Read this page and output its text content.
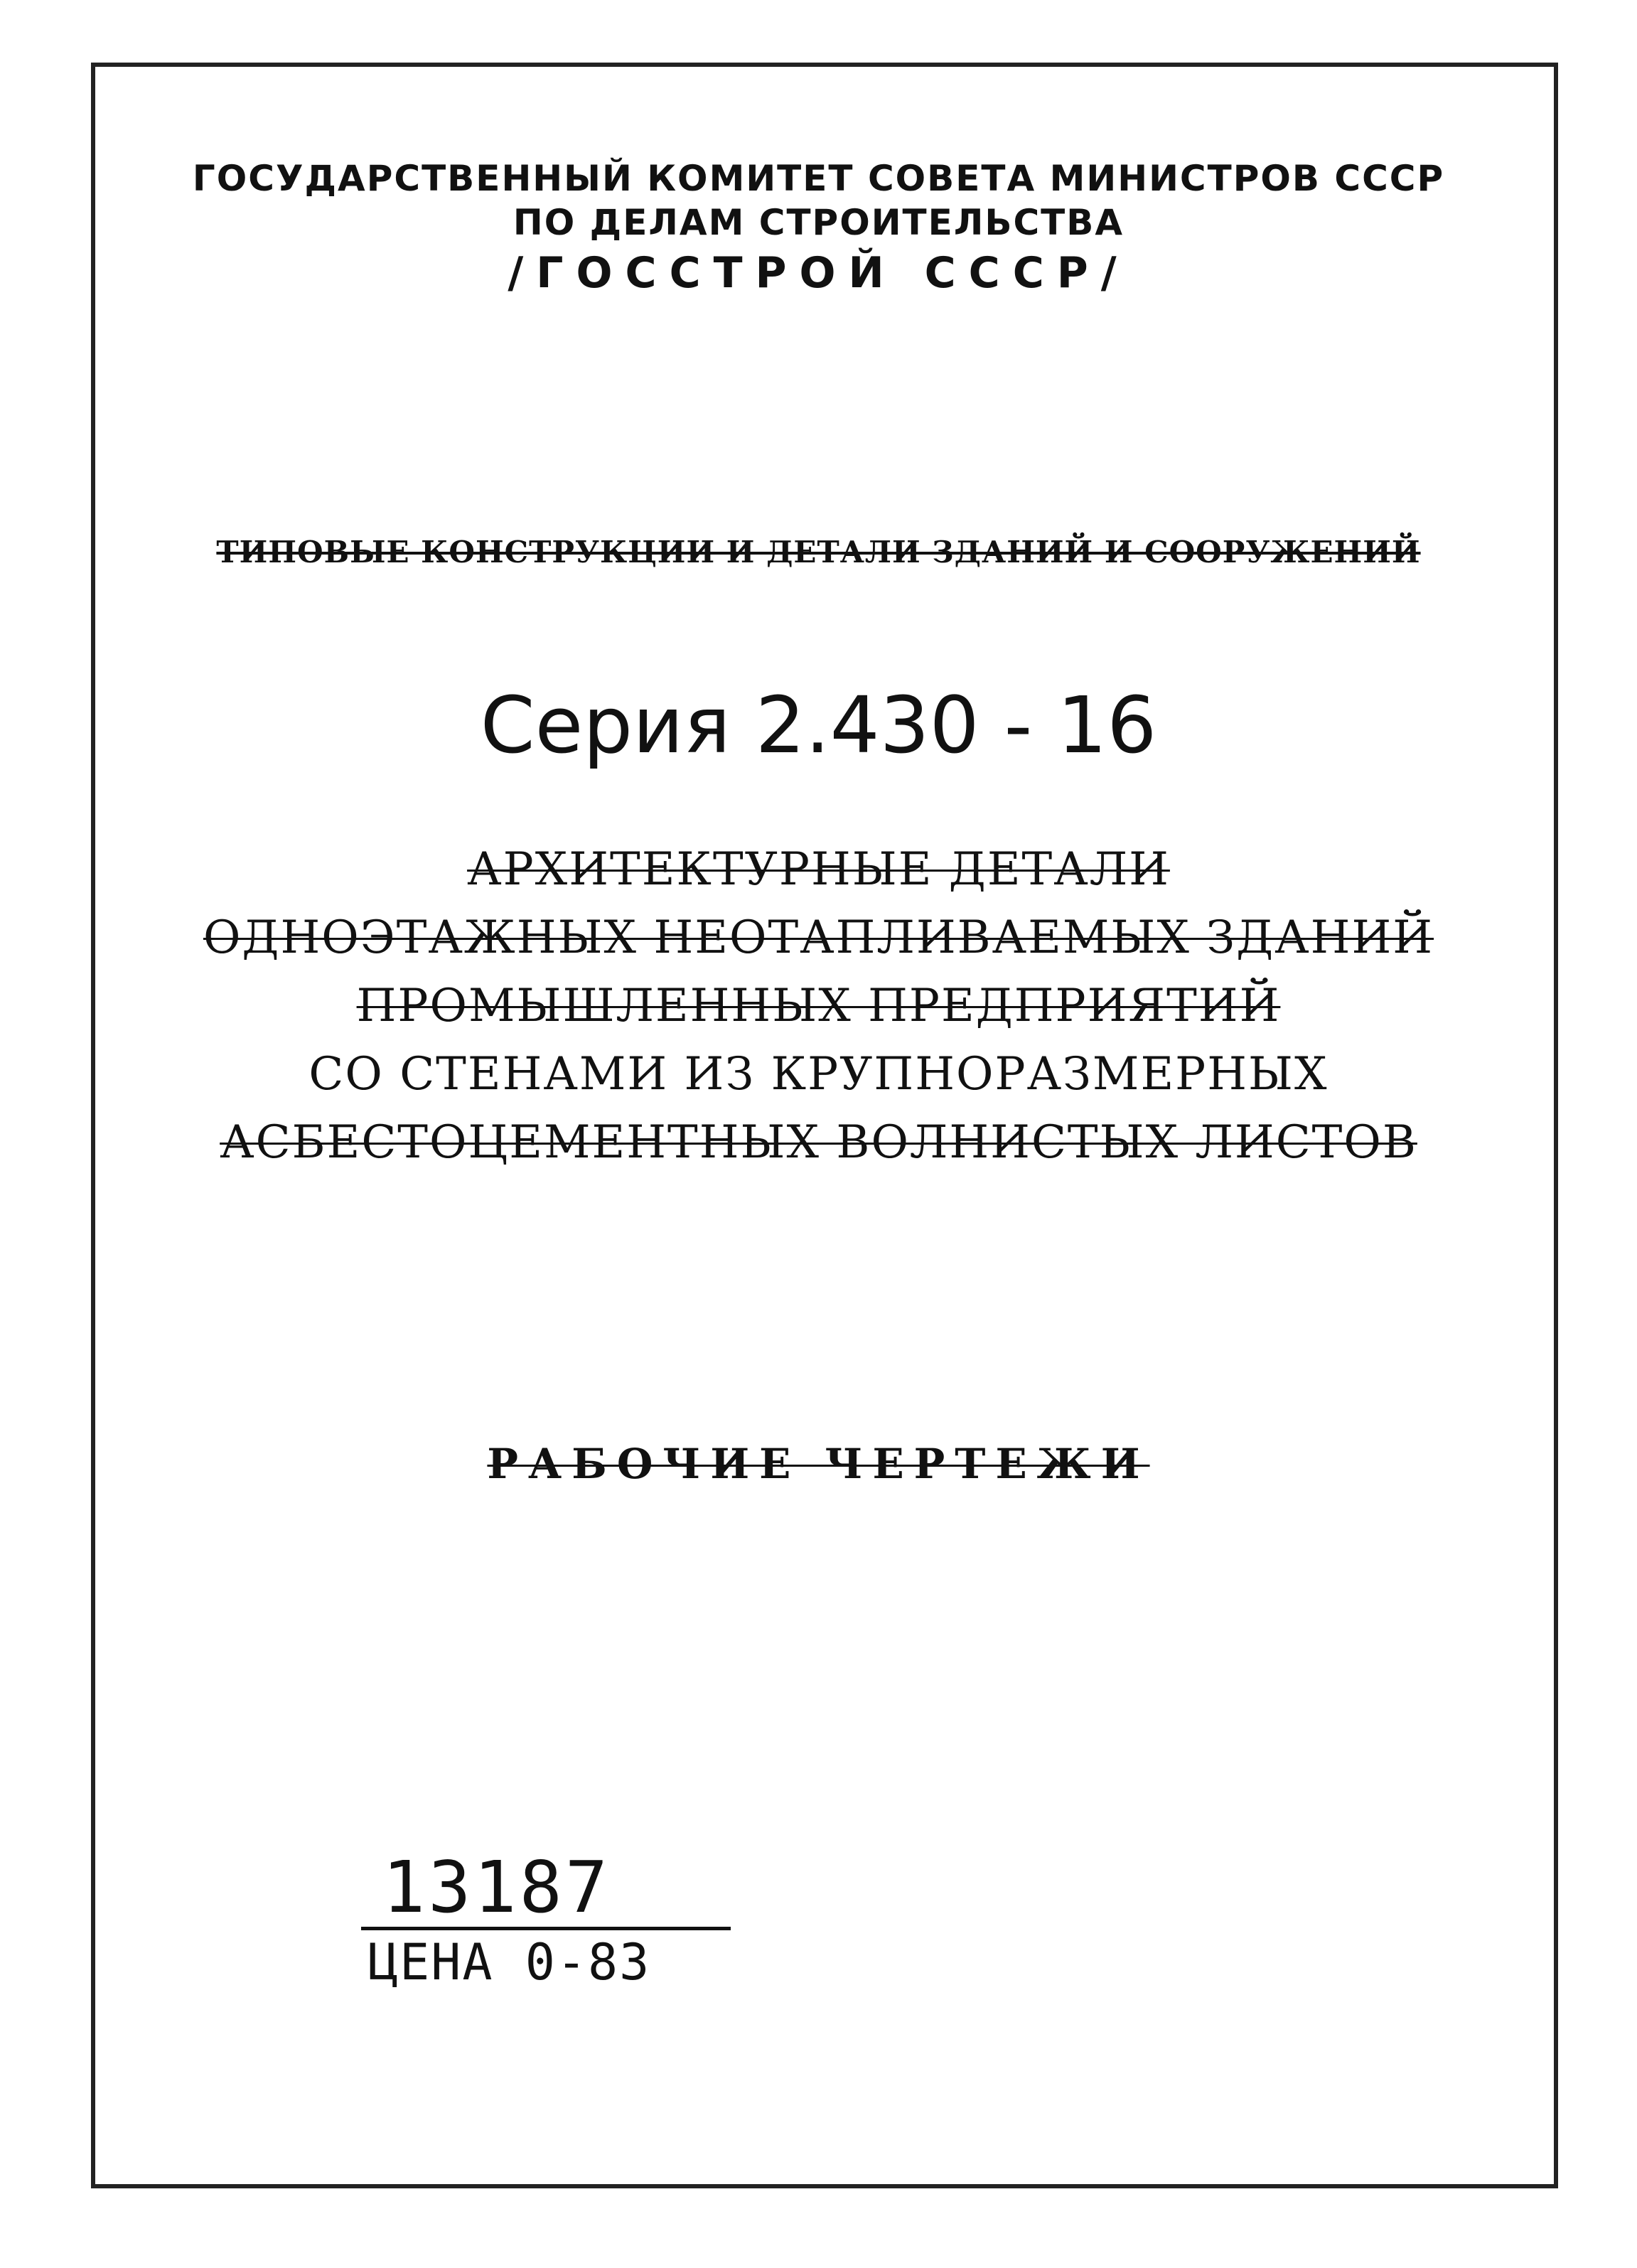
ГОСУДАРСТВЕННЫЙ КОМИТЕТ СОВЕТА МИНИСТРОВ СССР
ПО ДЕЛАМ СТРОИТЕЛЬСТВА
/ГОССТРОЙ СССР/
ТИПОВЫЕ КОНСТРУКЦИИ И ДЕТАЛИ ЗДАНИЙ И СООРУЖЕНИЙ
Серия 2.430 - 16
АРХИТЕКТУРНЫЕ ДЕТАЛИ
ОДНОЭТАЖНЫХ НЕОТАПЛИВАЕМЫХ ЗДАНИЙ
ПРОМЫШЛЕННЫХ ПРЕДПРИЯТИЙ
СО СТЕНАМИ ИЗ КРУПНОРАЗМЕРНЫХ
АСБЕСТОЦЕМЕНТНЫХ ВОЛНИСТЫХ ЛИСТОВ
РАБОЧИЕ ЧЕРТЕЖИ
13187
ЦЕНА 0-83
